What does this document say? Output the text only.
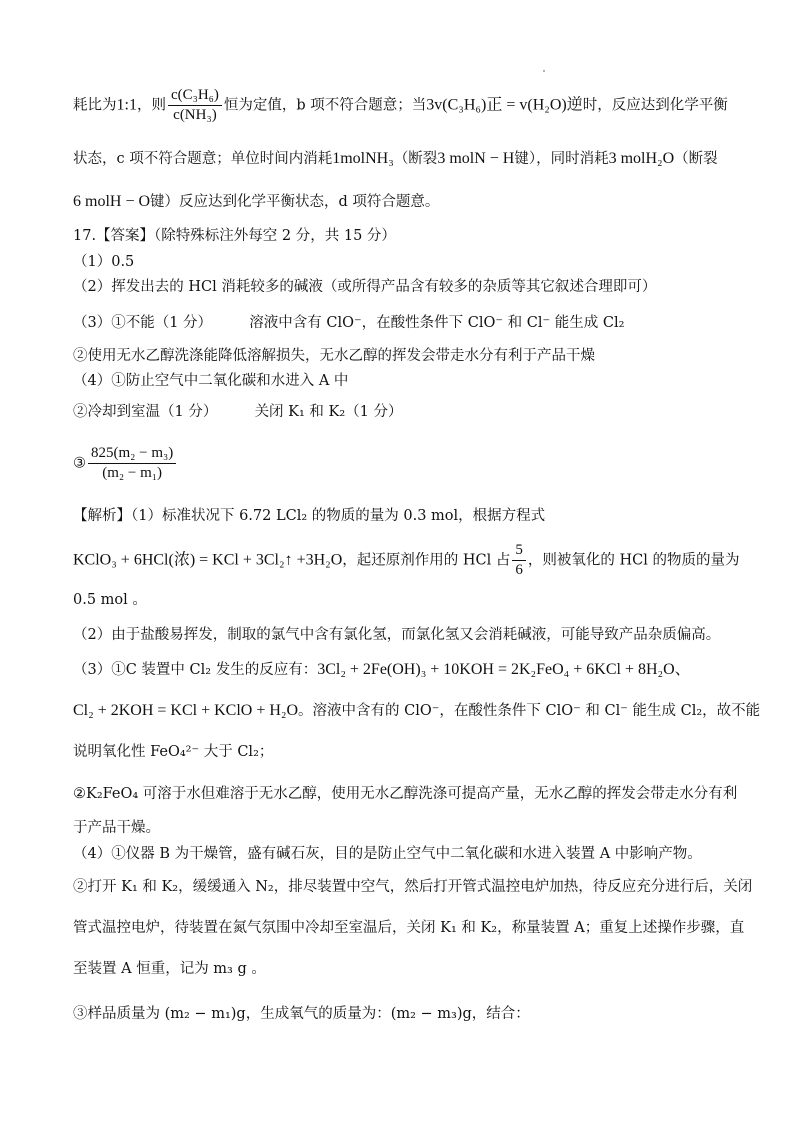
耗比为1:1，则 $\frac{\text{c(C₃H₆)}}{\text{c(NH₃)}}$ 恒为定值，b 项不符合题意；当3v(C₃H₆)正 = v(H₂O)逆时，反应达到化学平衡
状态，c 项不符合题意；单位时间内消耗1molNH₃（断裂3 molN − H键），同时消耗3 molH₂O（断裂
6 molH − O键）反应达到化学平衡状态，d 项符合题意。
17.【答案】（除特殊标注外每空 2 分，共 15 分）
（1）0.5
（2）挥发出去的 HCl 消耗较多的碱液（或所得产品含有较多的杂质等其它叙述合理即可）
（3）①不能（1 分）	溶液中含有 ClO⁻，在酸性条件下 ClO⁻ 和 Cl⁻ 能生成 Cl₂
②使用无水乙醇洗涤能降低溶解损失，无水乙醇的挥发会带走水分有利于产品干燥
（4）①防止空气中二氧化碳和水进入 A 中
②冷却到室温（1 分）	关闭 K₁ 和 K₂（1 分）
③ $\frac{\text{825(m₂ − m₃)}}{\text{(m₂ − m₁)}}$
【解析】（1）标准状况下 6.72 LCl₂ 的物质的量为 0.3 mol，根据方程式
KClO₃ + 6HCl(浓) = KCl + 3Cl₂↑ +3H₂O，起还原剂作用的 HCl 占 $\frac{5}{6}$ ，则被氧化的 HCl 的物质的量为
0.5 mol 。
（2）由于盐酸易挥发，制取的氯气中含有氯化氢，而氯化氢又会消耗碱液，可能导致产品杂质偏高。
（3）①C 装置中 Cl₂ 发生的反应有：3Cl₂ + 2Fe(OH)₃ + 10KOH = 2K₂FeO₄ + 6KCl + 8H₂O、
Cl₂ + 2KOH = KCl + KClO + H₂O。溶液中含有的 ClO⁻，在酸性条件下 ClO⁻ 和 Cl⁻ 能生成 Cl₂，故不能
说明氧化性 FeO₄²⁻ 大于 Cl₂；
②K₂FeO₄ 可溶于水但难溶于无水乙醇，使用无水乙醇洗涤可提高产量，无水乙醇的挥发会带走水分有利
于产品干燥。
（4）①仪器 B 为干燥管，盛有碱石灰，目的是防止空气中二氧化碳和水进入装置 A 中影响产物。
②打开 K₁ 和 K₂，缓缓通入 N₂，排尽装置中空气，然后打开管式温控电炉加热，待反应充分进行后，关闭
管式温控电炉，待装置在氮气氛围中冷却至室温后，关闭 K₁ 和 K₂，称量装置 A；重复上述操作步骤，直
至装置 A 恒重，记为 m₃ g 。
③样品质量为 (m₂ − m₁)g，生成氧气的质量为：(m₂ − m₃)g，结合：
